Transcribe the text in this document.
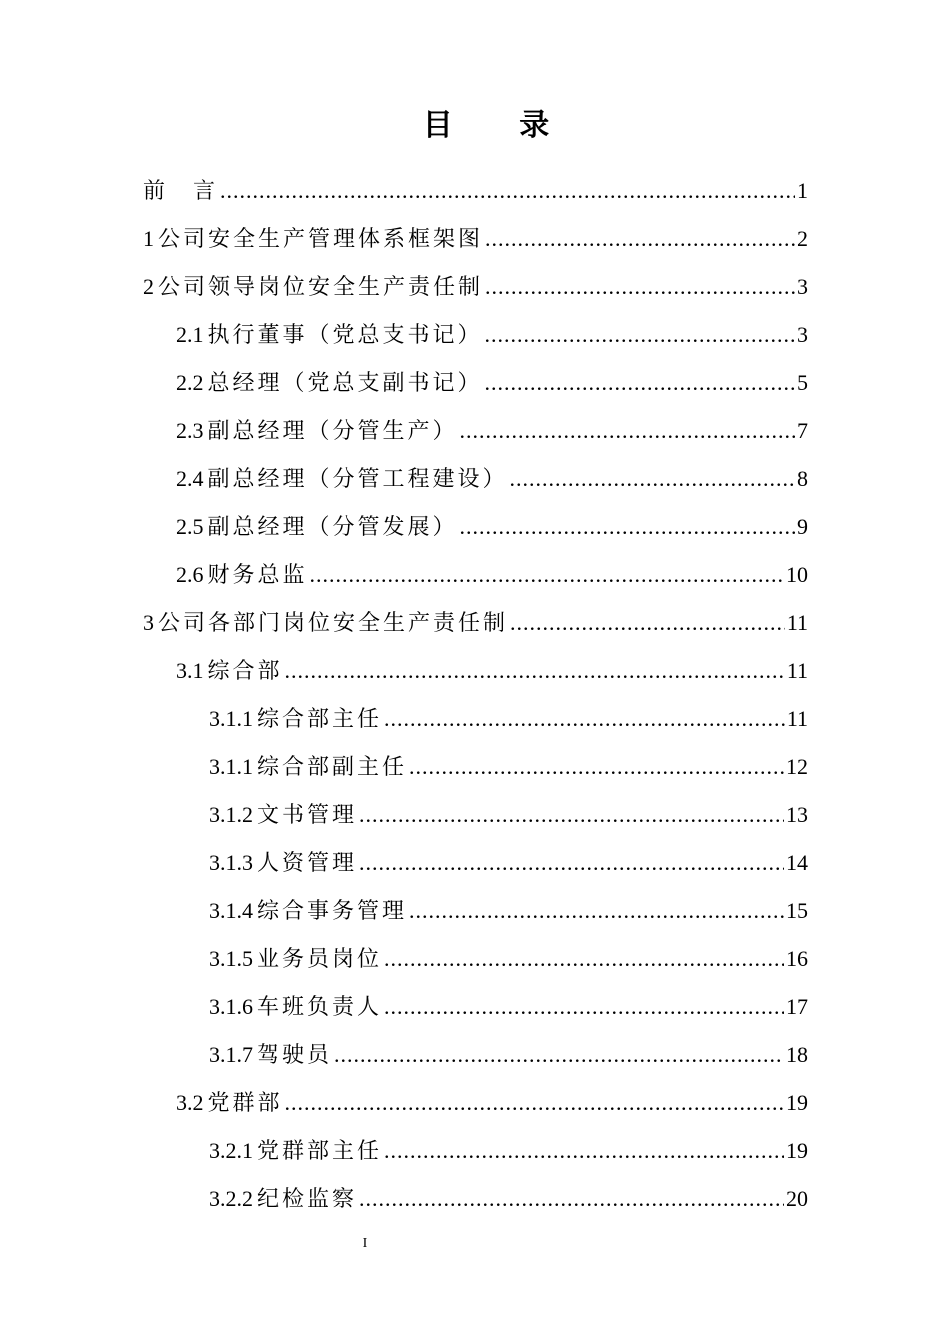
目 录
前　言 .....	1
1 公司安全生产管理体系框架图 .....	2
2 公司领导岗位安全生产责任制 .....	3
2.1 执行董事（党总支书记） .....	3
2.2 总经理（党总支副书记） .....	5
2.3 副总经理（分管生产） .....	7
2.4 副总经理（分管工程建设） .....	8
2.5 副总经理（分管发展） .....	9
2.6 财务总监 .....	10
3 公司各部门岗位安全生产责任制 .....	11
3.1 综合部 .....	11
3.1.1 综合部主任 .....	11
3.1.1 综合部副主任 .....	12
3.1.2 文书管理 .....	13
3.1.3 人资管理 .....	14
3.1.4 综合事务管理 .....	15
3.1.5 业务员岗位 .....	16
3.1.6 车班负责人 .....	17
3.1.7 驾驶员 .....	18
3.2 党群部 .....	19
3.2.1 党群部主任 .....	19
3.2.2 纪检监察 .....	20
I
